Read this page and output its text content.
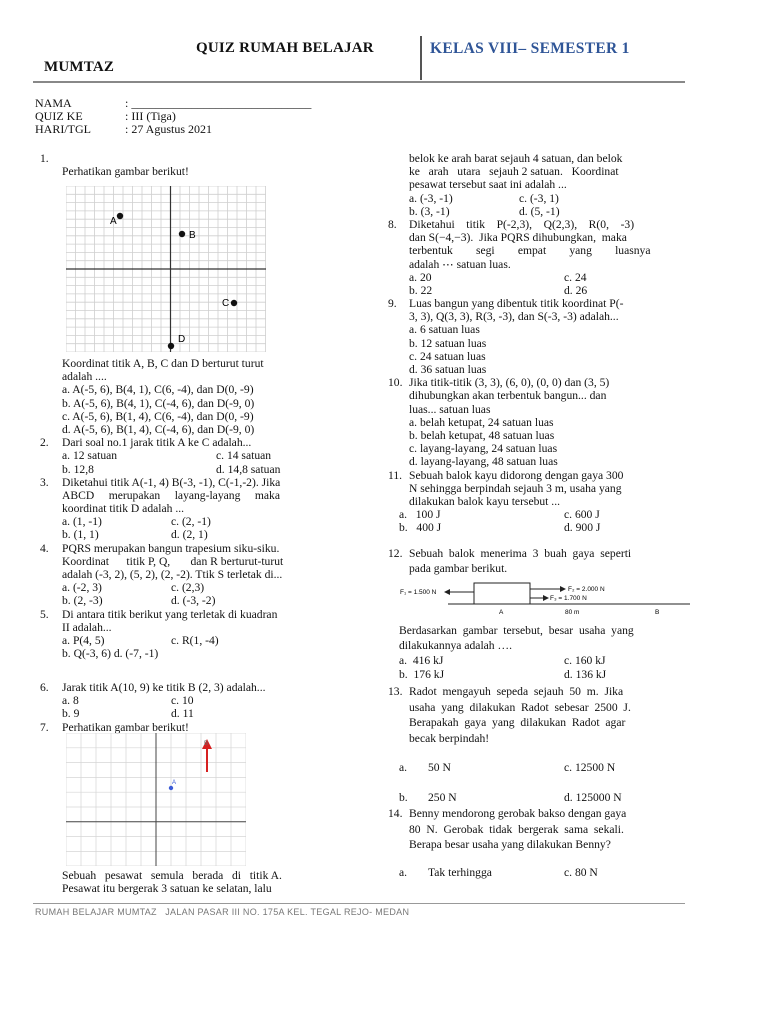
QUIZ RUMAH BELAJAR
MUMTAZ
KELAS VIII– SEMESTER 1
NAMA	: ______________________________
QUIZ KE	: III (Tiga)
HARI/TGL	: 27 Agustus 2021
1.
Perhatikan gambar berikut!
A
B
C
D
Koordinat titik A, B, C dan D berturut turut
adalah ....
a. A(-5, 6), B(4, 1), C(6, -4), dan D(0, -9)
b. A(-5, 6), B(4, 1), C(-4, 6), dan D(-9, 0)
c. A(-5, 6), B(1, 4), C(6, -4), dan D(0, -9)
d. A(-5, 6), B(1, 4), C(-4, 6), dan D(-9, 0)
2. Dari soal no.1 jarak titik A ke C adalah...
a. 12 satuan	c. 14 satuan
b. 12,8	d. 14,8 satuan
3. Diketahui titik A(-1, 4) B(-3, -1), C(-1,-2). Jika
ABCD     merupakan     layang-layang     maka
koordinat titik D adalah ...
a. (1, -1)	c. (2, -1)
b. (1, 1)	d. (2, 1)
4. PQRS merupakan bangun trapesium siku-siku.
Koordinat      titik P, Q,       dan R berturut-turut
adalah (-3, 2), (5, 2), (2, -2). Ttik S terletak di...
a. (-2, 3)	c. (2,3)
b. (2, -3)	d. (-3, -2)
5. Di antara titik berikut yang terletak di kuadran
II adalah...
a. P(4, 5)	c. R(1, -4)
b. Q(-3, 6) d. (-7, -1)
6. Jarak titik A(10, 9) ke titik B (2, 3) adalah...
a. 8	c. 10
b. 9	d. 11
7. Perhatikan gambar berikut!
A
B
Sebuah   pesawat   semula   berada   di   titik A.
Pesawat itu bergerak 3 satuan ke selatan, lalu
belok ke arah barat sejauh 4 satuan, dan belok
ke   arah   utara   sejauh 2 satuan.   Koordinat
pesawat tersebut saat ini adalah ...
a. (-3, -1)	c. (-3, 1)
b. (3, -1)	d. (5, -1)
8. Diketahui    titik    P(-2,3),    Q(2,3),    R(0,    -3)
dan S(−4,−3).  Jika PQRS dihubungkan,  maka
terbentuk        segi        empat        yang        luasnya
adalah ⋯ satuan luas.
a. 20	c. 24
b. 22	d. 26
9. Luas bangun yang dibentuk titik koordinat P(-
3, 3), Q(3, 3), R(3, -3), dan S(-3, -3) adalah...
a. 6 satuan luas
b. 12 satuan luas
c. 24 satuan luas
d. 36 satuan luas
10. Jika titik-titik (3, 3), (6, 0), (0, 0) dan (3, 5)
dihubungkan akan terbentuk bangun... dan
luas... satuan luas
a. belah ketupat, 24 satuan luas
b. belah ketupat, 48 satuan luas
c. layang-layang, 24 satuan luas
d. layang-layang, 48 satuan luas
11. Sebuah balok kayu didorong dengan gaya 300
N sehingga berpindah sejauh 3 m, usaha yang
dilakukan balok kayu tersebut ...
a.   100 J	c. 600 J
b.   400 J	d. 900 J
12. Sebuah  balok  menerima  3  buah  gaya  seperti
pada gambar berikut.
F₁ = 1.500 N	F₂ = 2.000 N
F₃ = 1.700 N
A	80 m	B
Berdasarkan  gambar  tersebut,  besar  usaha  yang
dilakukannya adalah ….
a.  416 kJ	c. 160 kJ
b.  176 kJ	d. 136 kJ
13. Radot  mengayuh  sepeda  sejauh  50  m.  Jika
usaha  yang  dilakukan  Radot  sebesar  2500  J.
Berapakah  gaya  yang  dilakukan  Radot  agar
becak berpindah!
a. 50 N	c. 12500 N
b. 250 N	d. 125000 N
14. Benny mendorong gerobak bakso dengan gaya
80  N.  Gerobak  tidak  bergerak  sama  sekali.
Berapa besar usaha yang dilakukan Benny?
a. Tak terhingga	c. 80 N
RUMAH BELAJAR MUMTAZ   JALAN PASAR III NO. 175A KEL. TEGAL REJO- MEDAN
